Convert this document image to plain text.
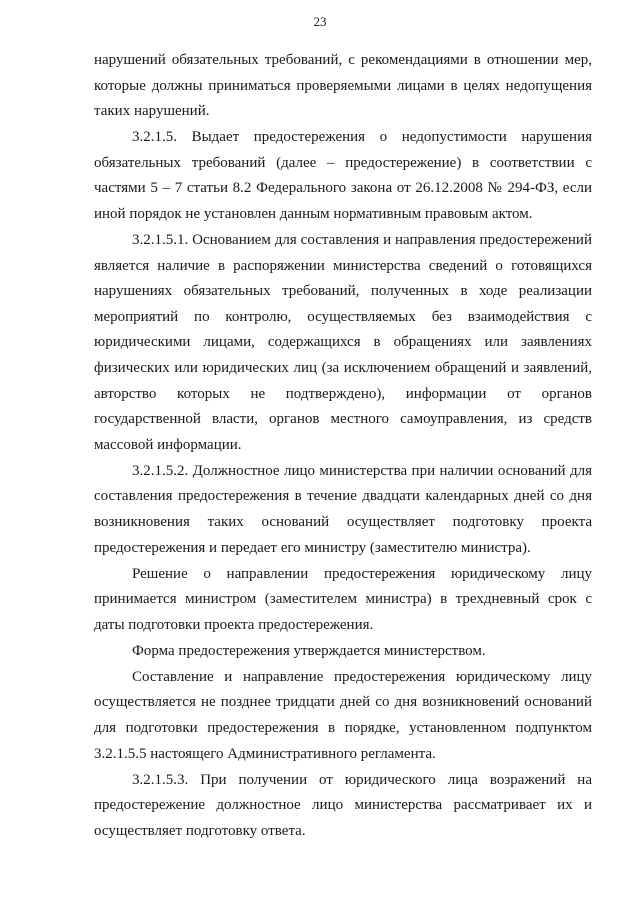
23

нарушений обязательных требований, с рекомендациями в отношении мер, которые должны приниматься проверяемыми лицами в целях недопущения таких нарушений.

3.2.1.5. Выдает предостережения о недопустимости нарушения обязательных требований (далее – предостережение) в соответствии с частями 5 – 7 статьи 8.2 Федерального закона от 26.12.2008 № 294-ФЗ, если иной порядок не установлен данным нормативным правовым актом.

3.2.1.5.1. Основанием для составления и направления предостережений является наличие в распоряжении министерства сведений о готовящихся нарушениях обязательных требований, полученных в ходе реализации мероприятий по контролю, осуществляемых без взаимодействия с юридическими лицами, содержащихся в обращениях или заявлениях физических или юридических лиц (за исключением обращений и заявлений, авторство которых не подтверждено), информации от органов государственной власти, органов местного самоуправления, из средств массовой информации.

3.2.1.5.2. Должностное лицо министерства при наличии оснований для составления предостережения в течение двадцати календарных дней со дня возникновения таких оснований осуществляет подготовку проекта предостережения и передает его министру (заместителю министра).

Решение о направлении предостережения юридическому лицу принимается министром (заместителем министра) в трехдневный срок с даты подготовки проекта предостережения.

Форма предостережения утверждается министерством.

Составление и направление предостережения юридическому лицу осуществляется не позднее тридцати дней со дня возникновений оснований для подготовки предостережения в порядке, установленном подпунктом 3.2.1.5.5 настоящего Административного регламента.

3.2.1.5.3. При получении от юридического лица возражений на предостережение должностное лицо министерства рассматривает их и осуществляет подготовку ответа.
